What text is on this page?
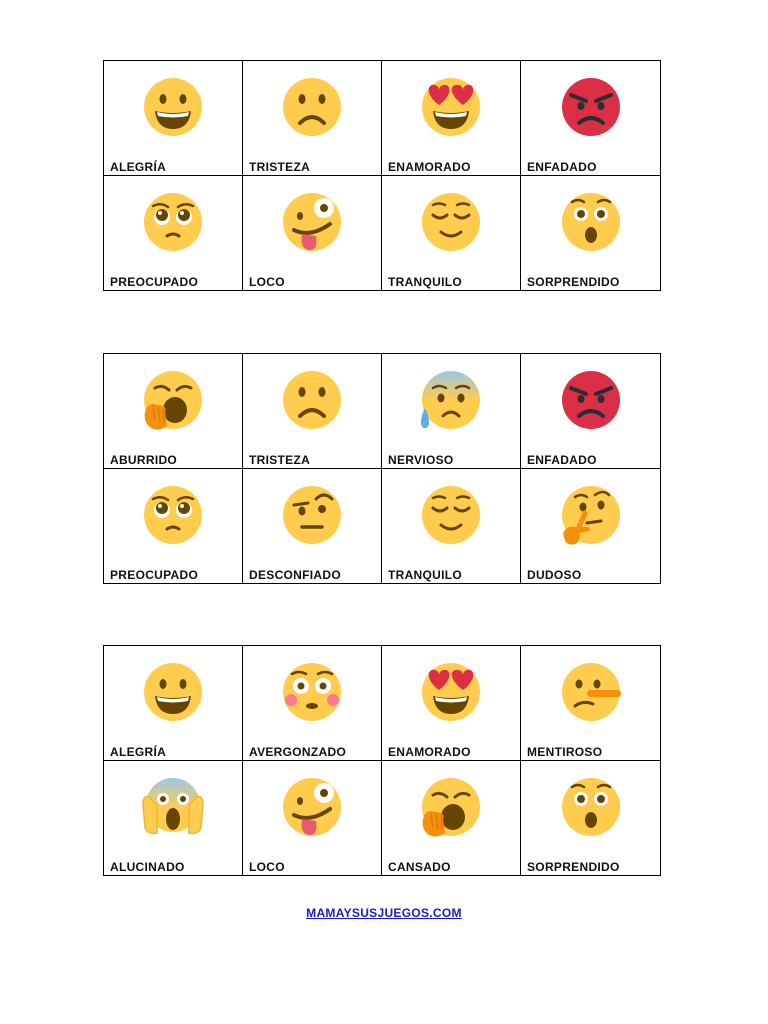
ALEGRÍA	TRISTEZA	ENAMORADO	ENFADADO
PREOCUPADO	LOCO	TRANQUILO	SORPRENDIDO
ABURRIDO	TRISTEZA	NERVIOSO	ENFADADO
PREOCUPADO	DESCONFIADO	TRANQUILO	DUDOSO
ALEGRÍA	AVERGONZADO	ENAMORADO	MENTIROSO
ALUCINADO	LOCO	CANSADO	SORPRENDIDO
MAMAYSUSJUEGOS.COM
